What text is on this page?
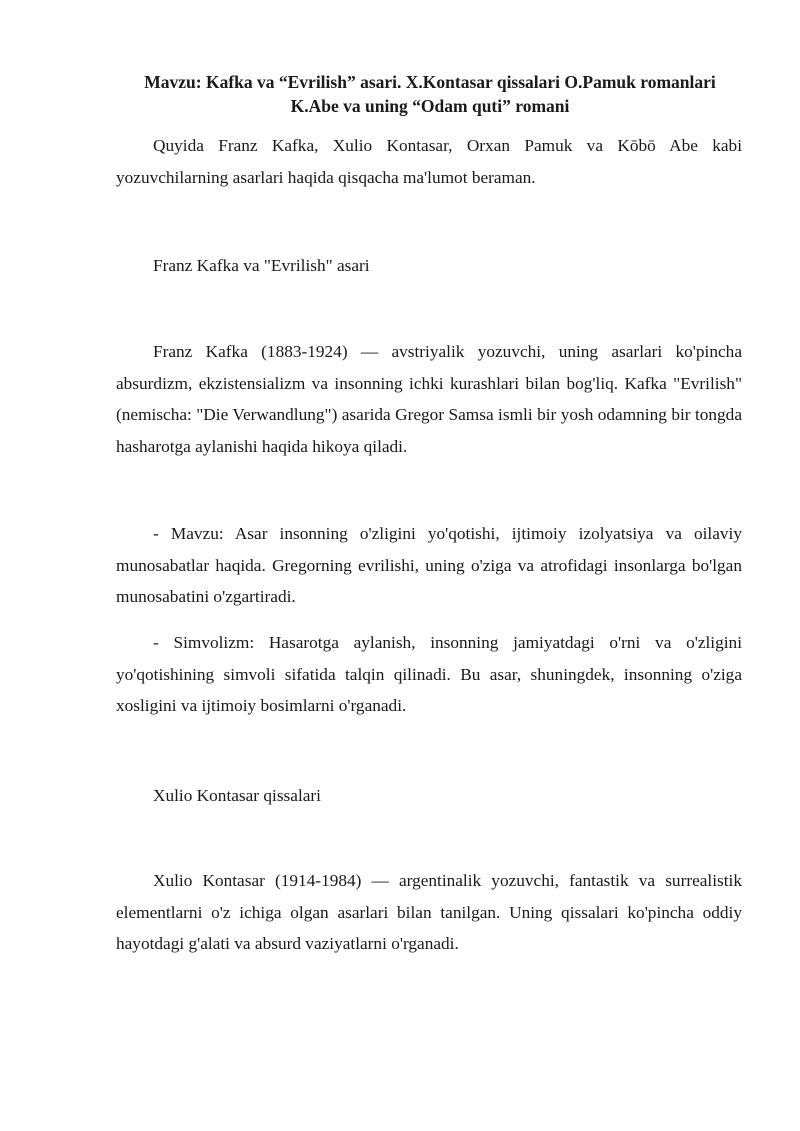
Mavzu: Kafka va “Evrilish” asari. X.Kontasar qissalari O.Pamuk romanlari
K.Abe va uning “Odam quti” romani

Quyida Franz Kafka, Xulio Kontasar, Orxan Pamuk va Kōbō Abe kabi yozuvchilarning asarlari haqida qisqacha ma'lumot beraman.

Franz Kafka va "Evrilish" asari

Franz Kafka (1883-1924) — avstriyalik yozuvchi, uning asarlari ko'pincha absurdizm, ekzistensializm va insonning ichki kurashlari bilan bog'liq. Kafka "Evrilish" (nemischa: "Die Verwandlung") asarida Gregor Samsa ismli bir yosh odamning bir tongda hasharotga aylanishi haqida hikoya qiladi.

- Mavzu: Asar insonning o'zligini yo'qotishi, ijtimoiy izolyatsiya va oilaviy munosabatlar haqida. Gregorning evrilishi, uning o'ziga va atrofidagi insonlarga bo'lgan munosabatini o'zgartiradi.

- Simvolizm: Hasarotga aylanish, insonning jamiyatdagi o'rni va o'zligini yo'qotishining simvoli sifatida talqin qilinadi. Bu asar, shuningdek, insonning o'ziga xosligini va ijtimoiy bosimlarni o'rganadi.

Xulio Kontasar qissalari

Xulio Kontasar (1914-1984) — argentinalik yozuvchi, fantastik va surrealistik elementlarni o'z ichiga olgan asarlari bilan tanilgan. Uning qissalari ko'pincha oddiy hayotdagi g'alati va absurd vaziyatlarni o'rganadi.
